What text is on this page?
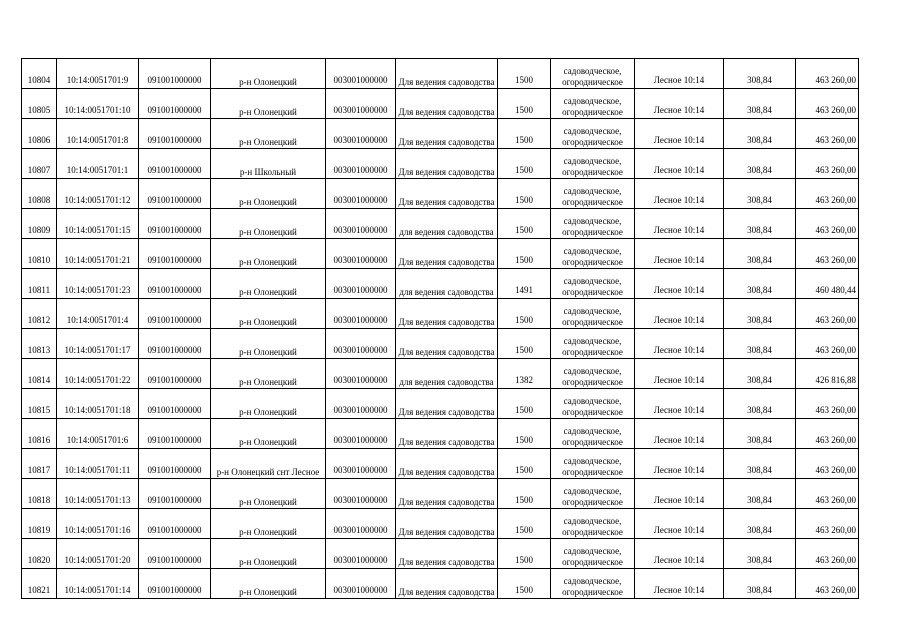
10804	10:14:0051701:9	091001000000	р-н Олонецкий	003001000000	Для ведения садоводства	1500	садоводческое, огородническое	Лесное 10:14	308,84	463 260,00
10805	10:14:0051701:10	091001000000	р-н Олонецкий	003001000000	Для ведения садоводства	1500	садоводческое, огородническое	Лесное 10:14	308,84	463 260,00
10806	10:14:0051701:8	091001000000	р-н Олонецкий	003001000000	Для ведения садоводства	1500	садоводческое, огородническое	Лесное 10:14	308,84	463 260,00
10807	10:14:0051701:1	091001000000	р-н Школьный	003001000000	Для ведения садоводства	1500	садоводческое, огородническое	Лесное 10:14	308,84	463 260,00
10808	10:14:0051701:12	091001000000	р-н Олонецкий	003001000000	Для ведения садоводства	1500	садоводческое, огородническое	Лесное 10:14	308,84	463 260,00
10809	10:14:0051701:15	091001000000	р-н Олонецкий	003001000000	для ведения садоводства	1500	садоводческое, огородническое	Лесное 10:14	308,84	463 260,00
10810	10:14:0051701:21	091001000000	р-н Олонецкий	003001000000	Для ведения садоводства	1500	садоводческое, огородническое	Лесное 10:14	308,84	463 260,00
10811	10:14:0051701:23	091001000000	р-н Олонецкий	003001000000	для ведения садоводства	1491	садоводческое, огородническое	Лесное 10:14	308,84	460 480,44
10812	10:14:0051701:4	091001000000	р-н Олонецкий	003001000000	Для ведения садоводства	1500	садоводческое, огородническое	Лесное 10:14	308,84	463 260,00
10813	10:14:0051701:17	091001000000	р-н Олонецкий	003001000000	Для ведения садоводства	1500	садоводческое, огородническое	Лесное 10:14	308,84	463 260,00
10814	10:14:0051701:22	091001000000	р-н Олонецкий	003001000000	для ведения садоводства	1382	садоводческое, огородническое	Лесное 10:14	308,84	426 816,88
10815	10:14:0051701:18	091001000000	р-н Олонецкий	003001000000	Для ведения садоводства	1500	садоводческое, огородническое	Лесное 10:14	308,84	463 260,00
10816	10:14:0051701:6	091001000000	р-н Олонецкий	003001000000	Для ведения садоводства	1500	садоводческое, огородническое	Лесное 10:14	308,84	463 260,00
10817	10:14:0051701:11	091001000000	р-н Олонецкий снт Лесное	003001000000	Для ведения садоводства	1500	садоводческое, огородническое	Лесное 10:14	308,84	463 260,00
10818	10:14:0051701:13	091001000000	р-н Олонецкий	003001000000	Для ведения садоводства	1500	садоводческое, огородническое	Лесное 10:14	308,84	463 260,00
10819	10:14:0051701:16	091001000000	р-н Олонецкий	003001000000	Для ведения садоводства	1500	садоводческое, огородническое	Лесное 10:14	308,84	463 260,00
10820	10:14:0051701:20	091001000000	р-н Олонецкий	003001000000	Для ведения садоводства	1500	садоводческое, огородническое	Лесное 10:14	308,84	463 260,00
10821	10:14:0051701:14	091001000000	р-н Олонецкий	003001000000	Для ведения садоводства	1500	садоводческое, огородническое	Лесное 10:14	308,84	463 260,00
